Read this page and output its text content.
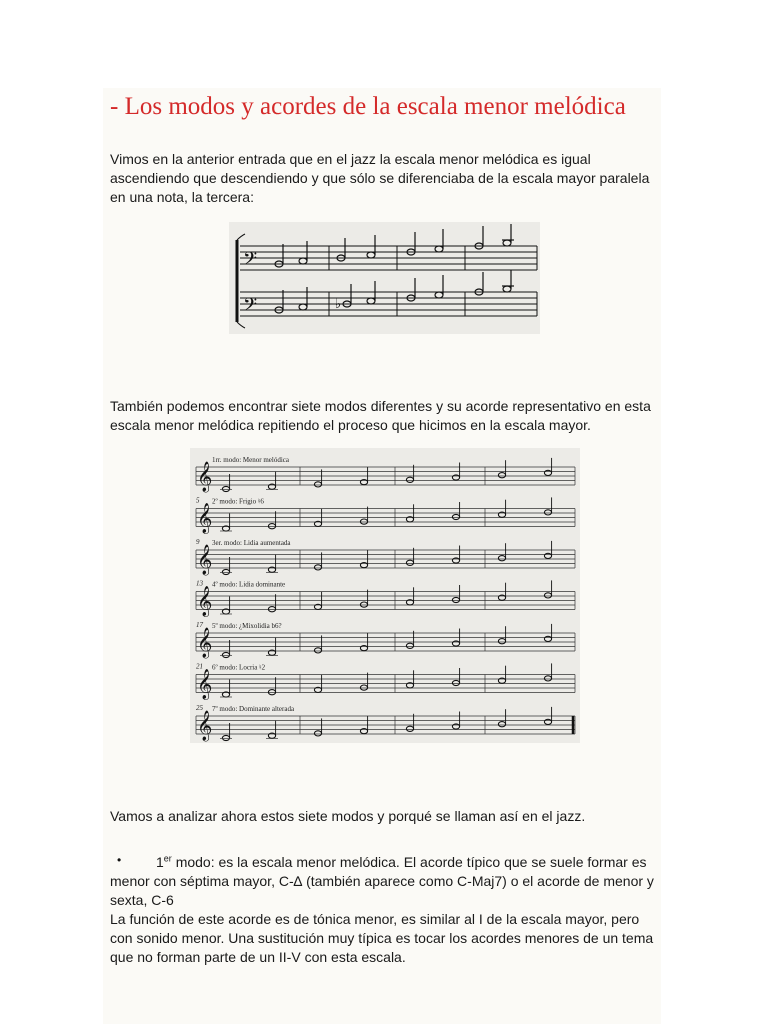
- Los modos y acordes de la escala menor melódica
Vimos en la anterior entrada que en el jazz la escala menor melódica es igual ascendiendo que descendiendo y que sólo se diferenciaba de la escala mayor paralela en una nota, la tercera:
𝄢
𝄢	♭
También podemos encontrar siete modos diferentes y su acorde representativo en esta escala menor melódica repitiendo el proceso que hicimos en la escala mayor.
1rr. modo: Menor melódica
𝄞
5 2º modo: Frigio ♮6
𝄞
9 3er. modo: Lidia aumentada
𝄞
13 4º modo: Lidia dominante
𝄞
17 5º modo: ¿Mixolidia b6?
𝄞
21 6º modo: Locria ♮2
𝄞
25 7º modo: Dominante alterada
𝄞
Vamos a analizar ahora estos siete modos y porqué se llaman así en el jazz.
•	1er modo: es la escala menor melódica. El acorde típico que se suele formar es menor con séptima mayor, C-∆ (también aparece como C-Maj7) o el acorde de menor y sexta, C-6
La función de este acorde es de tónica menor, es similar al I de la escala mayor, pero con sonido menor. Una sustitución muy típica es tocar los acordes menores de un tema que no forman parte de un II-V con esta escala.
